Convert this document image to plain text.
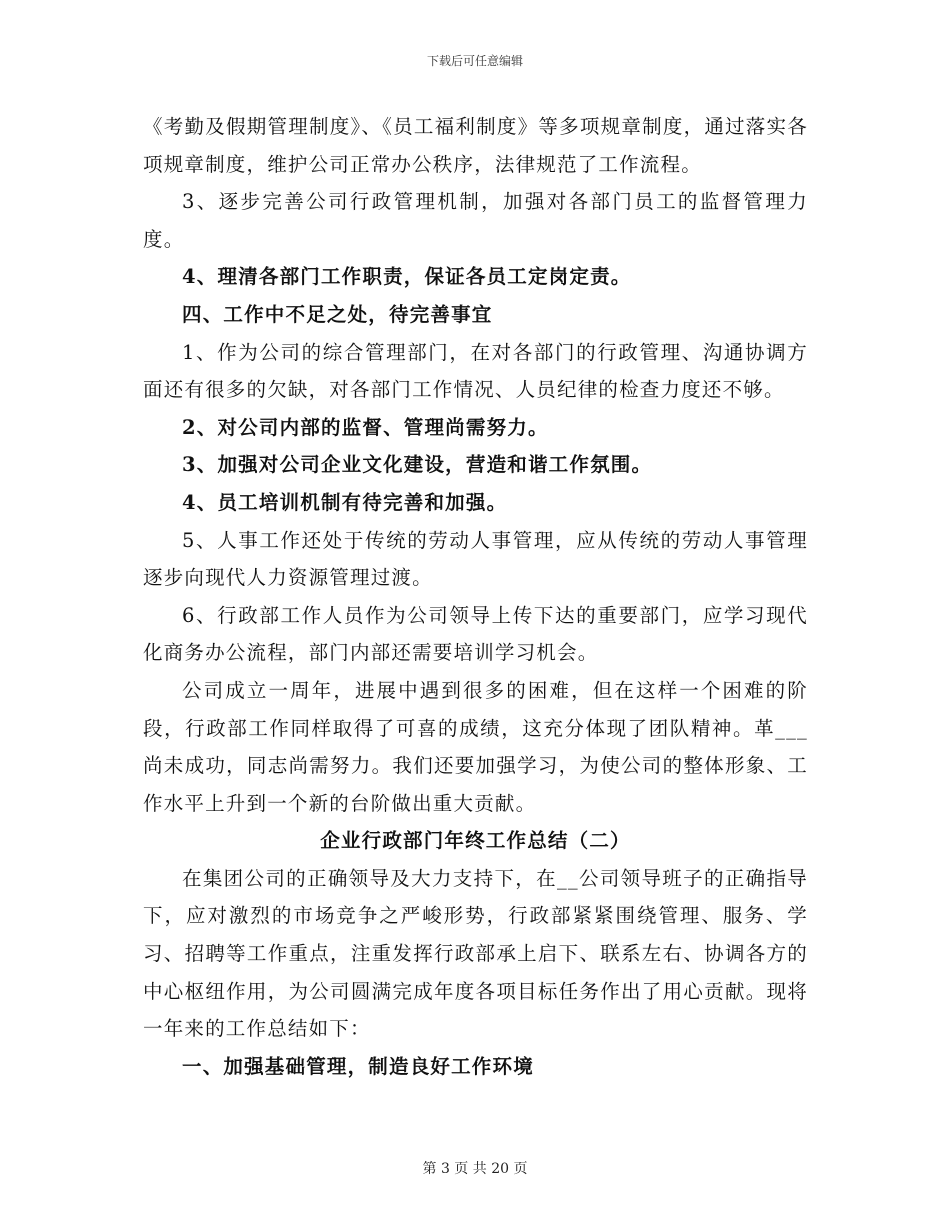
下载后可任意编辑

《考勤及假期管理制度》、《员工福利制度》等多项规章制度，通过落实各项规章制度，维护公司正常办公秩序，法律规范了工作流程。

3、逐步完善公司行政管理机制，加强对各部门员工的监督管理力度。

4、理清各部门工作职责，保证各员工定岗定责。

四、工作中不足之处，待完善事宜

1、作为公司的综合管理部门，在对各部门的行政管理、沟通协调方面还有很多的欠缺，对各部门工作情况、人员纪律的检查力度还不够。

2、对公司内部的监督、管理尚需努力。

3、加强对公司企业文化建设，营造和谐工作氛围。

4、员工培训机制有待完善和加强。

5、人事工作还处于传统的劳动人事管理，应从传统的劳动人事管理逐步向现代人力资源管理过渡。

6、行政部工作人员作为公司领导上传下达的重要部门，应学习现代化商务办公流程，部门内部还需要培训学习机会。

公司成立一周年，进展中遇到很多的困难，但在这样一个困难的阶段，行政部工作同样取得了可喜的成绩，这充分体现了团队精神。革___尚未成功，同志尚需努力。我们还要加强学习，为使公司的整体形象、工作水平上升到一个新的台阶做出重大贡献。

企业行政部门年终工作总结（二）

在集团公司的正确领导及大力支持下，在__公司领导班子的正确指导下，应对激烈的市场竞争之严峻形势，行政部紧紧围绕管理、服务、学习、招聘等工作重点，注重发挥行政部承上启下、联系左右、协调各方的中心枢纽作用，为公司圆满完成年度各项目标任务作出了用心贡献。现将一年来的工作总结如下：

一、加强基础管理，制造良好工作环境

第 3 页 共 20 页
